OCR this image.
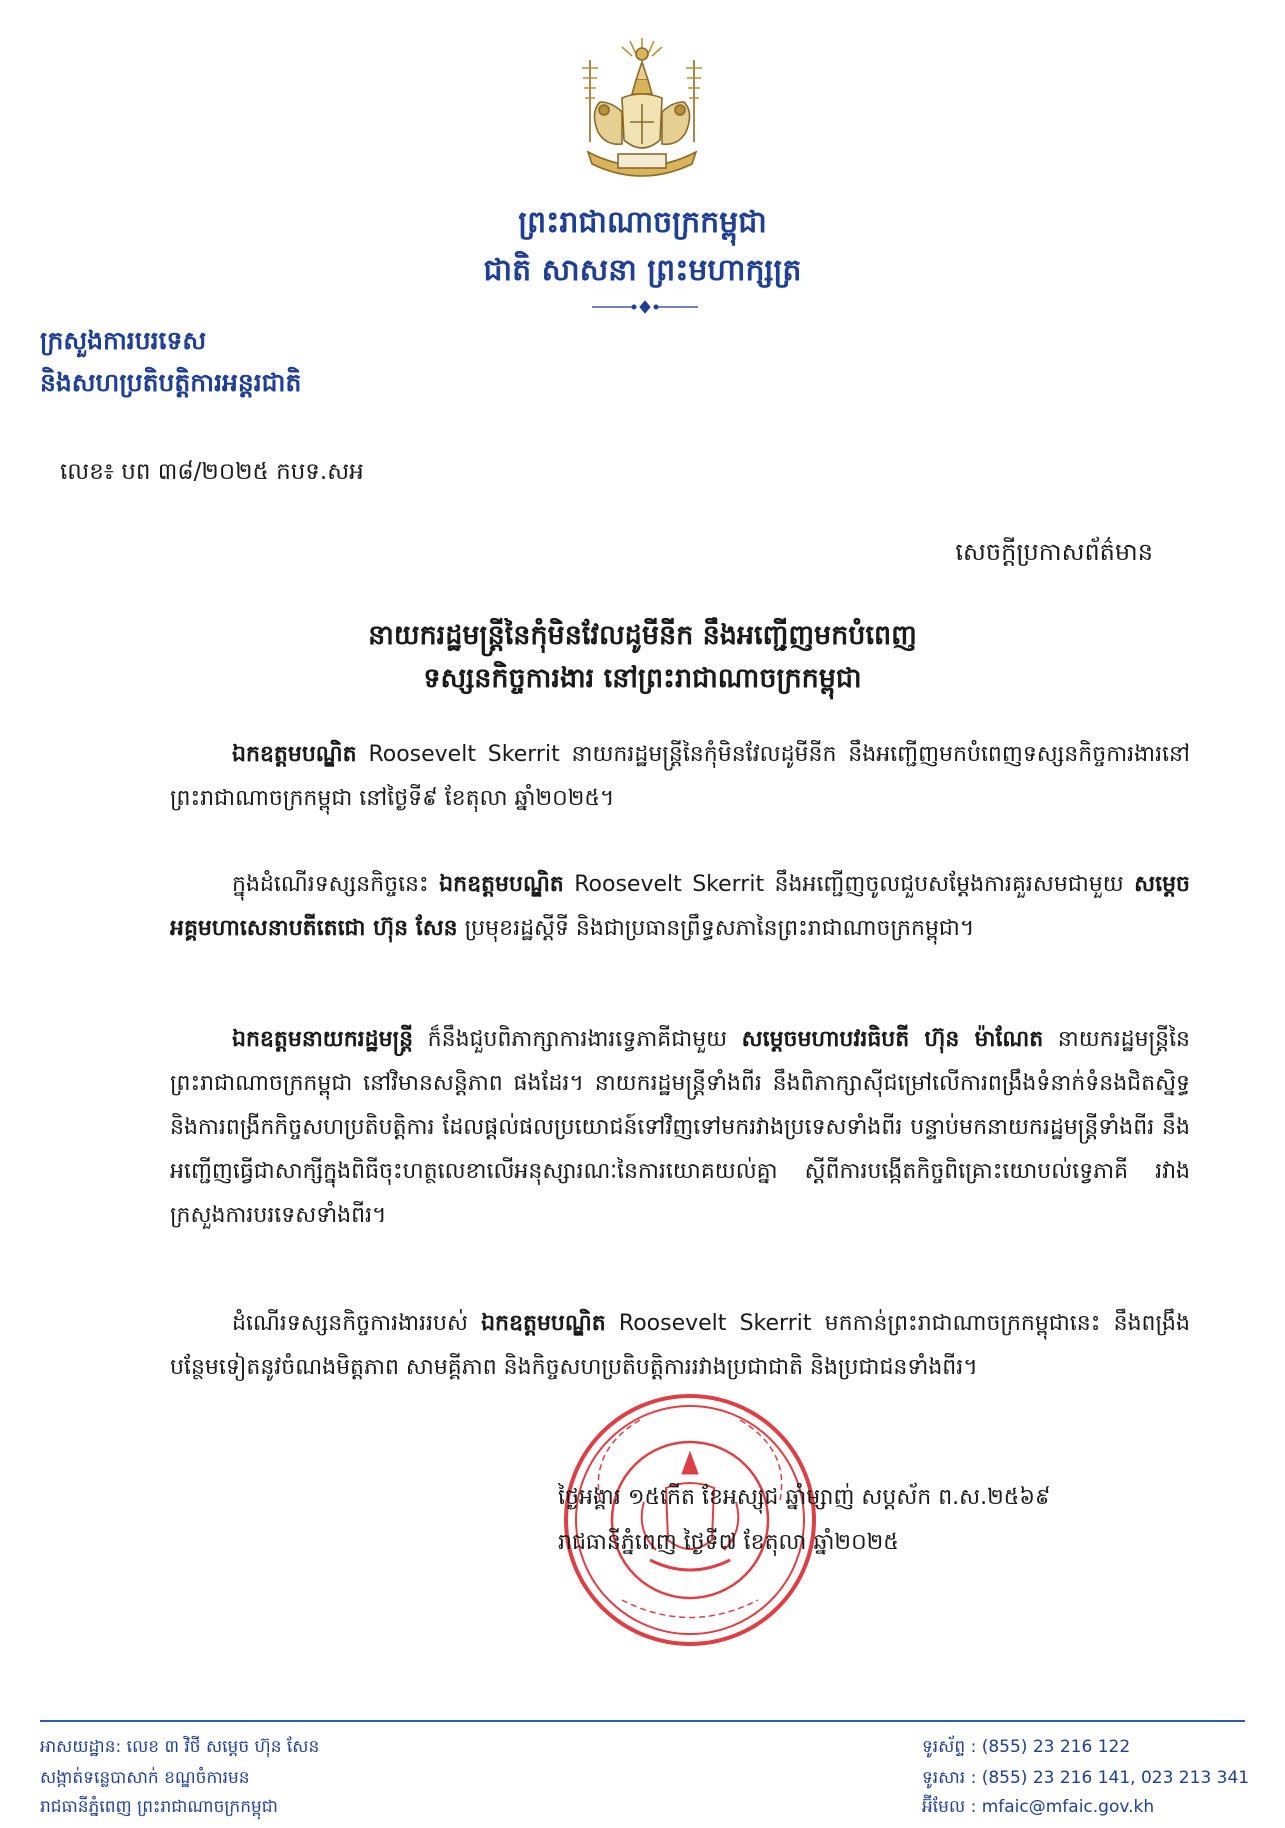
ព្រះរាជាណាចក្រកម្ពុជា
ជាតិ សាសនា ព្រះមហាក្សត្រ
ក្រសួងការបរទេស
និងសហប្រតិបត្តិការអន្តរជាតិ
លេខ៖ បព ៣៨/២០២៥ កបទ.សអ
សេចក្តីប្រកាសព័ត៌មាន
នាយករដ្ឋមន្ត្រីនៃកុំមិនវែលដូមីនីក នឹងអញ្ជើញមកបំពេញ
ទស្សនកិច្ចការងារ នៅព្រះរាជាណាចក្រកម្ពុជា
ឯកឧត្តមបណ្ឌិត Roosevelt Skerrit នាយករដ្ឋមន្ត្រីនៃកុំមិនវែលដូមីនីក នឹងអញ្ជើញមកបំពេញទស្សនកិច្ចការងារនៅព្រះរាជាណាចក្រកម្ពុជា នៅថ្ងៃទី៩ ខែតុលា ឆ្នាំ២០២៥។
ក្នុងដំណើរទស្សនកិច្ចនេះ ឯកឧត្តមបណ្ឌិត Roosevelt Skerrit នឹងអញ្ជើញចូលជួបសម្តែងការគួរសមជាមួយ សម្តេចអគ្គមហាសេនាបតីតេជោ ហ៊ុន សែន ប្រមុខរដ្ឋស្តីទី និងជាប្រធានព្រឹទ្ធសភានៃព្រះរាជាណាចក្រកម្ពុជា។
ឯកឧត្តមនាយករដ្ឋមន្ត្រី ក៏នឹងជួបពិភាក្សាការងារទ្វេភាគីជាមួយ សម្តេចមហាបវរធិបតី ហ៊ុន ម៉ាណែត នាយករដ្ឋមន្ត្រីនៃព្រះរាជាណាចក្រកម្ពុជា នៅវិមានសន្តិភាព ផងដែរ។ នាយករដ្ឋមន្ត្រីទាំងពីរ នឹងពិភាក្សាស៊ីជម្រៅលើការពង្រឹងទំនាក់ទំនងជិតស្និទ្ធ និងការពង្រីកកិច្ចសហប្រតិបត្តិការ ដែលផ្តល់ផលប្រយោជន៍ទៅវិញទៅមករវាងប្រទេសទាំងពីរ បន្ទាប់មកនាយករដ្ឋមន្ត្រីទាំងពីរ នឹងអញ្ជើញធ្វើជាសាក្សីក្នុងពិធីចុះហត្ថលេខាលើអនុស្សារណៈនៃការយោគយល់គ្នា ស្តីពីការបង្កើតកិច្ចពិគ្រោះយោបល់ទ្វេភាគី រវាងក្រសួងការបរទេសទាំងពីរ។
ដំណើរទស្សនកិច្ចការងាររបស់ ឯកឧត្តមបណ្ឌិត Roosevelt Skerrit មកកាន់ព្រះរាជាណាចក្រកម្ពុជានេះ នឹងពង្រឹងបន្ថែមទៀតនូវចំណងមិត្តភាព សាមគ្គីភាព និងកិច្ចសហប្រតិបត្តិការរវាងប្រជាជាតិ និងប្រជាជនទាំងពីរ។
ថ្ងៃអង្គារ ១៥កើត ខែអស្សុជ ឆ្នាំម្សាញ់ សប្តស័ក ព.ស.២៥៦៩
រាជធានីភ្នំពេញ ថ្ងៃទី៧ ខែតុលា ឆ្នាំ២០២៥
អាសយដ្ឋាន: លេខ ៣ វិថី សម្តេច ហ៊ុន សែន
សង្កាត់ទន្លេបាសាក់ ខណ្ឌចំការមន
រាជធានីភ្នំពេញ ព្រះរាជាណាចក្រកម្ពុជា
ទូរស័ព្ទ : (855) 23 216 122
ទូរសារ : (855) 23 216 141, 023 213 341
អ៊ីមែល : mfaic@mfaic.gov.kh
